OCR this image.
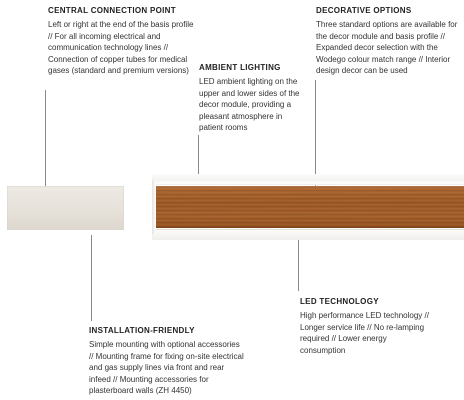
CENTRAL CONNECTION POINT
Left or right at the end of the basis profile // For all incoming electrical and communication technology lines // Connection of copper tubes for medical gases (standard and premium versions)
DECORATIVE OPTIONS
Three standard options are available for the decor module and basis profile // Expanded decor selection with the Wodego colour match range // Interior design decor can be used
AMBIENT LIGHTING
LED ambient lighting on the upper and lower sides of the decor module, providing a pleasant atmosphere in patient rooms
LED TECHNOLOGY
High performance LED technology // Longer service life // No re-lamping required // Lower energy consumption
INSTALLATION-FRIENDLY
Simple mounting with optional accessories // Mounting frame for fixing on-site electrical and gas supply lines via front and rear infeed // Mounting accessories for plasterboard walls (ZH 4450)
